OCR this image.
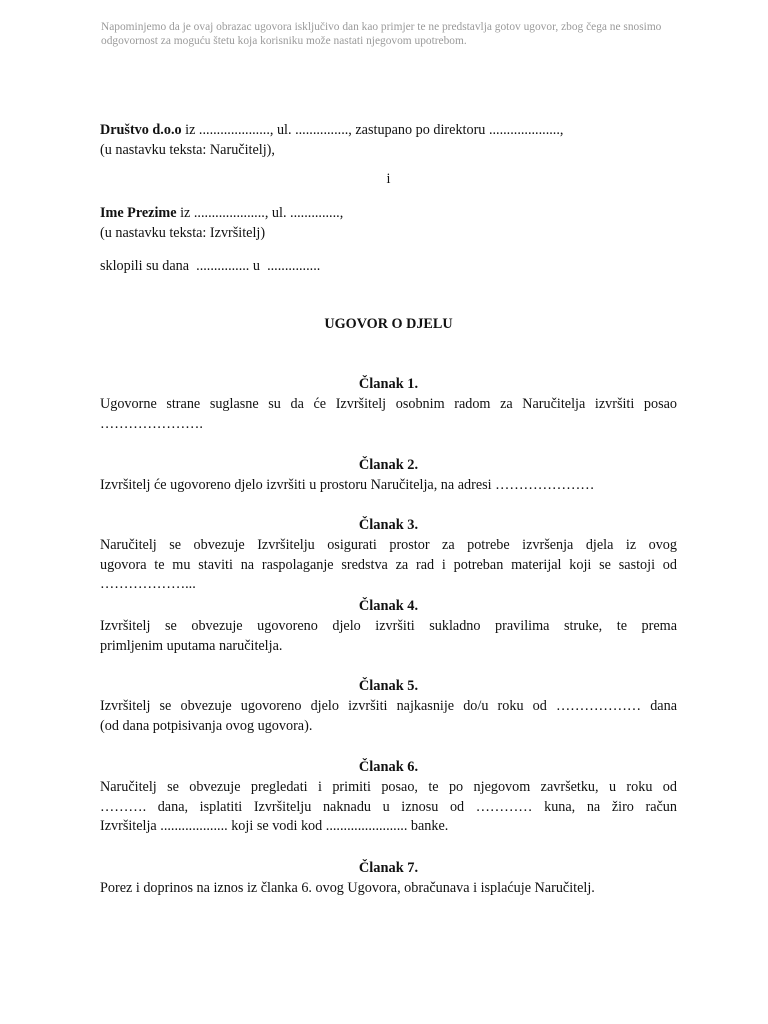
Napominjemo da je ovaj obrazac ugovora isključivo dan kao primjer te ne predstavlja gotov ugovor, zbog čega ne snosimo odgovornost za moguću štetu koja korisniku može nastati njegovom upotrebom.
Društvo d.o.o iz ...................., ul. ..............., zastupano po direktoru ....................,
(u nastavku teksta: Naručitelj),
i
Ime Prezime iz ...................., ul. ..............,
(u nastavku teksta: Izvršitelj)
sklopili su dana  ............... u  ...............
UGOVOR O DJELU
Članak 1.
Ugovorne strane suglasne su da će Izvršitelj osobnim radom za Naručitelja izvršiti posao
………………….
Članak 2.
Izvršitelj će ugovoreno djelo izvršiti u prostoru Naručitelja, na adresi …………………
Članak 3.
Naručitelj se obvezuje Izvršitelju osigurati prostor za potrebe izvršenja djela iz ovog
ugovora te mu staviti na raspolaganje sredstva za rad i potreban materijal koji se sastoji od
………………...
Članak 4.
Izvršitelj se obvezuje ugovoreno djelo izvršiti sukladno pravilima struke, te prema
primljenim uputama naručitelja.
Članak 5.
Izvršitelj se obvezuje ugovoreno djelo izvršiti najkasnije do/u roku od ……………… dana
(od dana potpisivanja ovog ugovora).
Članak 6.
Naručitelj se obvezuje pregledati i primiti posao, te po njegovom završetku, u roku od
………. dana, isplatiti Izvršitelju naknadu u iznosu od ………… kuna, na žiro račun
Izvršitelja ................... koji se vodi kod ....................... banke.
Članak 7.
Porez i doprinos na iznos iz članka 6. ovog Ugovora, obračunava i isplaćuje Naručitelj.
